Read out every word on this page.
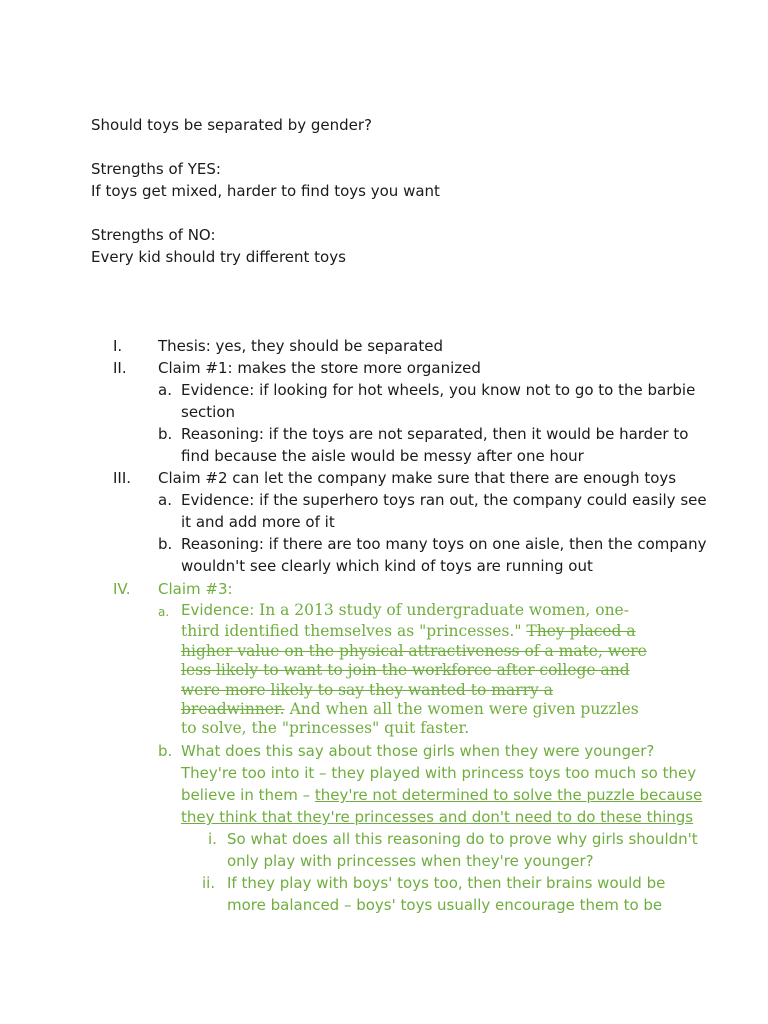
Should toys be separated by gender?
Strengths of YES:
If toys get mixed, harder to find toys you want
Strengths of NO:
Every kid should try different toys
I. Thesis: yes, they should be separated
II. Claim #1: makes the store more organized
a. Evidence: if looking for hot wheels, you know not to go to the barbie
section
b. Reasoning: if the toys are not separated, then it would be harder to
find because the aisle would be messy after one hour
III. Claim #2 can let the company make sure that there are enough toys
a. Evidence: if the superhero toys ran out, the company could easily see
it and add more of it
b. Reasoning: if there are too many toys on one aisle, then the company
wouldn't see clearly which kind of toys are running out
IV. Claim #3:
a. Evidence: In a 2013 study of undergraduate women, one-
third identified themselves as "princesses." They placed a
higher value on the physical attractiveness of a mate, were
less likely to want to join the workforce after college and
were more likely to say they wanted to marry a
breadwinner. And when all the women were given puzzles
to solve, the "princesses" quit faster.
b. What does this say about those girls when they were younger?
They're too into it – they played with princess toys too much so they
believe in them – they're not determined to solve the puzzle because
they think that they're princesses and don't need to do these things
i. So what does all this reasoning do to prove why girls shouldn't
only play with princesses when they're younger?
ii. If they play with boys' toys too, then their brains would be
more balanced – boys' toys usually encourage them to be
